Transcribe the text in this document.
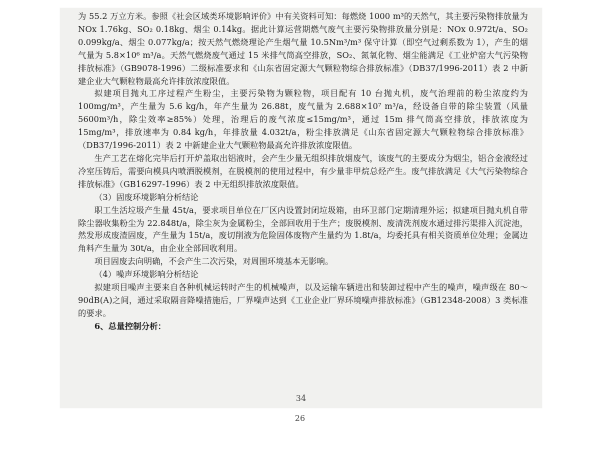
为 55.2 万立方米。参照《社会区域类环境影响评价》中有关资料可知：每燃烧 1000 m³的天然气，其主要污染物排放量为 NOx 1.76kg、SO₂ 0.18kg、烟尘 0.14kg。据此计算运营期燃气废气主要污染物排放量分别是：NOx 0.972t/a、SO₂ 0.099kg/a、烟尘 0.077kg/a；按天然气燃烧理论产生烟气量 10.5Nm³/m³ 保守计算（即空气过剩系数为 1），产生的烟气量为 5.8×10⁶ m³/a。天然气燃烧废气通过 15 米排气筒高空排放，SO₂、氮氧化物、烟尘能满足《工业炉窑大气污染物排放标准》（GB9078-1996）二级标准要求和《山东省固定源大气颗粒物综合排放标准》（DB37/1996-2011）表 2 中新建企业大气颗粒物最高允许排放浓度限值。

拟建项目抛丸工序过程产生粉尘，主要污染物为颗粒物，项目配有 10 台抛丸机，废气治理前的粉尘浓度约为 100mg/m³，产生量为 5.6 kg/h，年产生量为 26.88t，废气量为 2.688×10⁷ m³/a，经设备自带的除尘装置（风量 5600m³/h，除尘效率≥85%）处理，治理后的废气浓度≤15mg/m³，通过 15m 排气筒高空排放，排放浓度为 15mg/m³，排放速率为 0.84 kg/h，年排放量 4.032t/a，粉尘排放满足《山东省固定源大气颗粒物综合排放标准》（DB37/1996-2011）表 2 中新建企业大气颗粒物最高允许排放浓度限值。

生产工艺在熔化完毕后打开炉盖取出铝液时，会产生少量无组织排放烟废气，该废气的主要成分为烟尘，铝合金液经过冷室压铸后，需要向模具内喷洒脱模剂，在脱模剂的使用过程中，有少量非甲烷总烃产生。废气排放满足《大气污染物综合排放标准》（GB16297-1996）表 2 中无组织排放浓度限值。

（3）固废环境影响分析结论

职工生活垃圾产生量 45t/a，要求项目单位在厂区内设置封闭垃圾箱，由环卫部门定期清理外运；拟建项目抛丸机自带除尘器收集粉尘为 22.848t/a，除尘灰为金属粉尘，全部回收用于生产；废脱模剂、废清洗剂废水通过排污渠排入沉淀池，然发形成废渣固废，产生量为 15t/a，废切削液为危险固体废物产生量约为 1.8t/a，均委托具有相关资质单位处理；金属边角料产生量为 30t/a，由企业全部回收利用。

项目固废去向明确，不会产生二次污染，对周围环境基本无影响。

（4）噪声环境影响分析结论

拟建项目噪声主要来自各种机械运转时产生的机械噪声，以及运输车辆进出和装卸过程中产生的噪声，噪声级在 80～90dB(A)之间，通过采取隔音降噪措施后，厂界噪声达到《工业企业厂界环境噪声排放标准》（GB12348-2008）3 类标准的要求。

6、总量控制分析：

34
26
